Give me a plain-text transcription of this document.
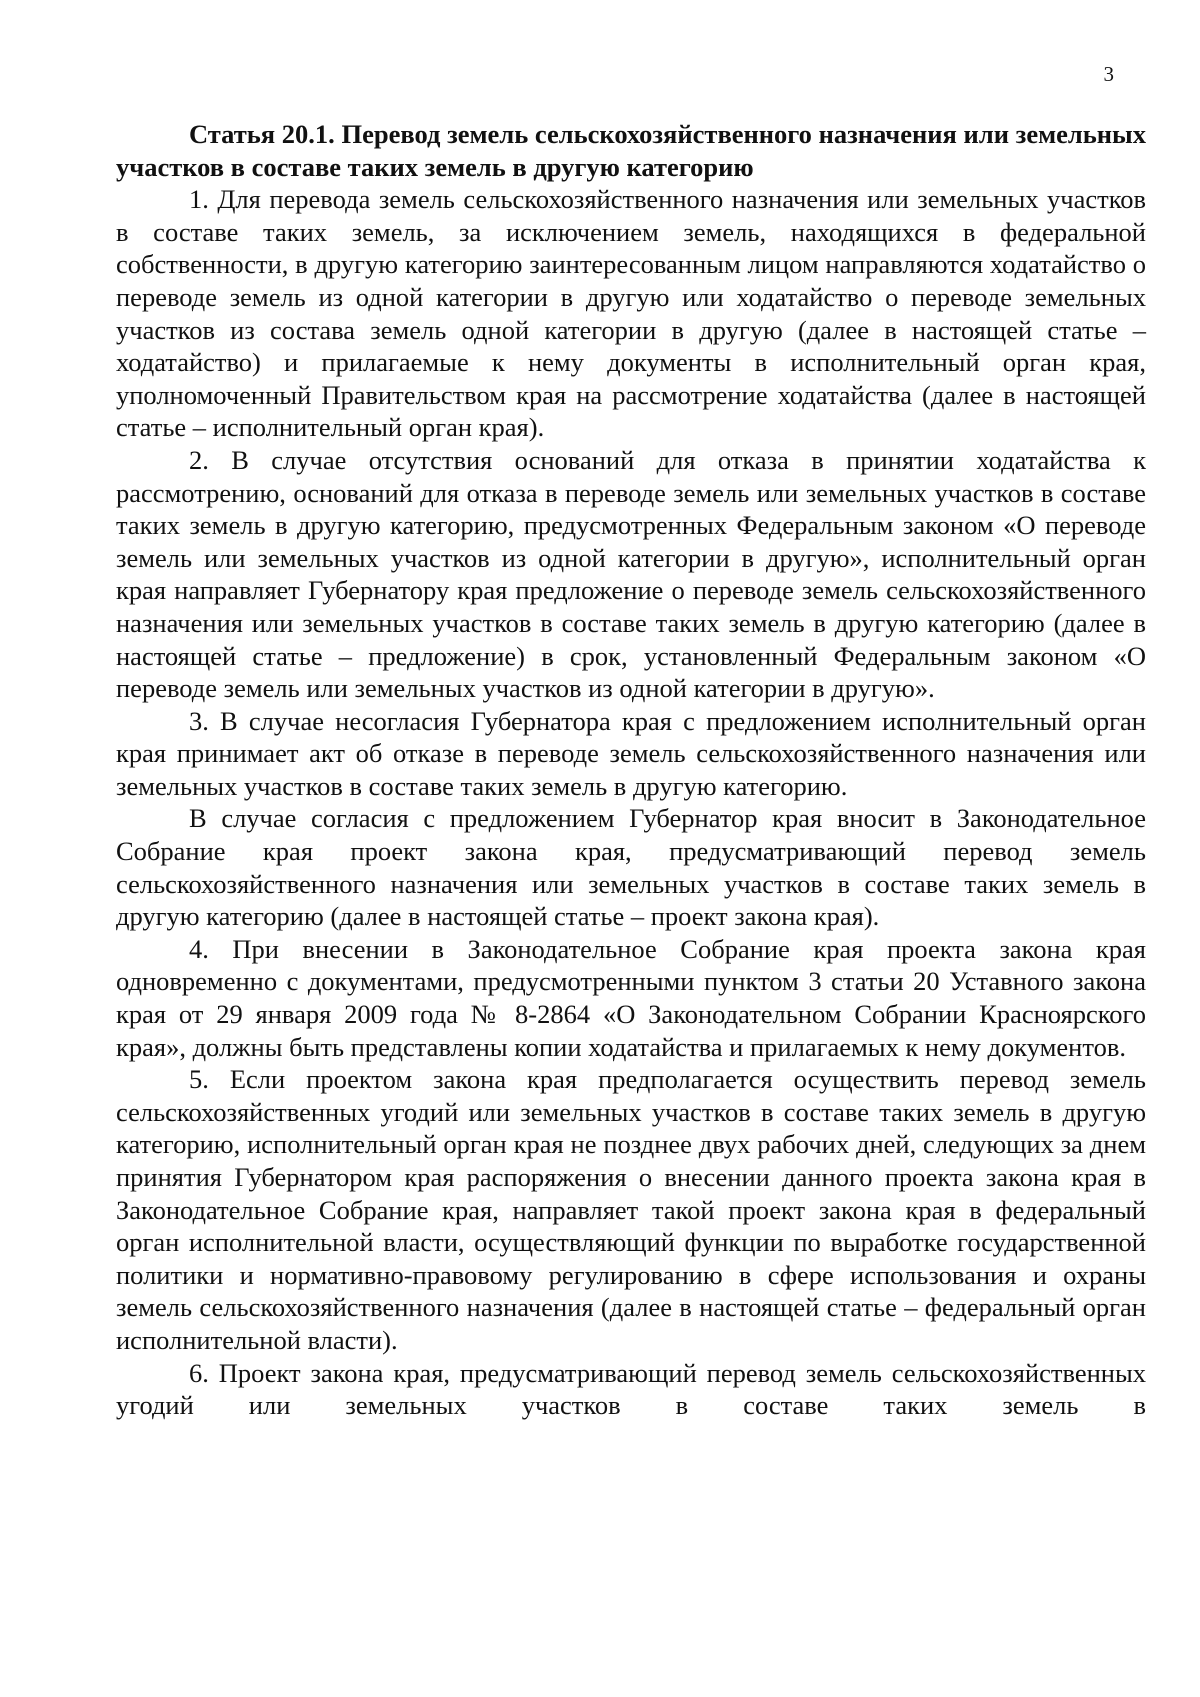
3

Статья 20.1. Перевод земель сельскохозяйственного назначения или земельных участков в составе таких земель в другую категорию

1. Для перевода земель сельскохозяйственного назначения или земельных участков в составе таких земель, за исключением земель, находящихся в федеральной собственности, в другую категорию заинтересованным лицом направляются ходатайство о переводе земель из одной категории в другую или ходатайство о переводе земельных участков из состава земель одной категории в другую (далее в настоящей статье – ходатайство) и прилагаемые к нему документы в исполнительный орган края, уполномоченный Правительством края на рассмотрение ходатайства (далее в настоящей статье – исполнительный орган края).

2. В случае отсутствия оснований для отказа в принятии ходатайства к рассмотрению, оснований для отказа в переводе земель или земельных участков в составе таких земель в другую категорию, предусмотренных Федеральным законом «О переводе земель или земельных участков из одной категории в другую», исполнительный орган края направляет Губернатору края предложение о переводе земель сельскохозяйственного назначения или земельных участков в составе таких земель в другую категорию (далее в настоящей статье – предложение) в срок, установленный Федеральным законом «О переводе земель или земельных участков из одной категории в другую».

3. В случае несогласия Губернатора края с предложением исполнительный орган края принимает акт об отказе в переводе земель сельскохозяйственного назначения или земельных участков в составе таких земель в другую категорию.

В случае согласия с предложением Губернатор края вносит в Законодательное Собрание края проект закона края, предусматривающий перевод земель сельскохозяйственного назначения или земельных участков в составе таких земель в другую категорию (далее в настоящей статье – проект закона края).

4. При внесении в Законодательное Собрание края проекта закона края одновременно с документами, предусмотренными пунктом 3 статьи 20 Уставного закона края от 29 января 2009 года № 8-2864 «О Законодательном Собрании Красноярского края», должны быть представлены копии ходатайства и прилагаемых к нему документов.

5. Если проектом закона края предполагается осуществить перевод земель сельскохозяйственных угодий или земельных участков в составе таких земель в другую категорию, исполнительный орган края не позднее двух рабочих дней, следующих за днем принятия Губернатором края распоряжения о внесении данного проекта закона края в Законодательное Собрание края, направляет такой проект закона края в федеральный орган исполнительной власти, осуществляющий функции по выработке государственной политики и нормативно-правовому регулированию в сфере использования и охраны земель сельскохозяйственного назначения (далее в настоящей статье – федеральный орган исполнительной власти).

6. Проект закона края, предусматривающий перевод земель сельскохозяйственных угодий или земельных участков в составе таких земель в
